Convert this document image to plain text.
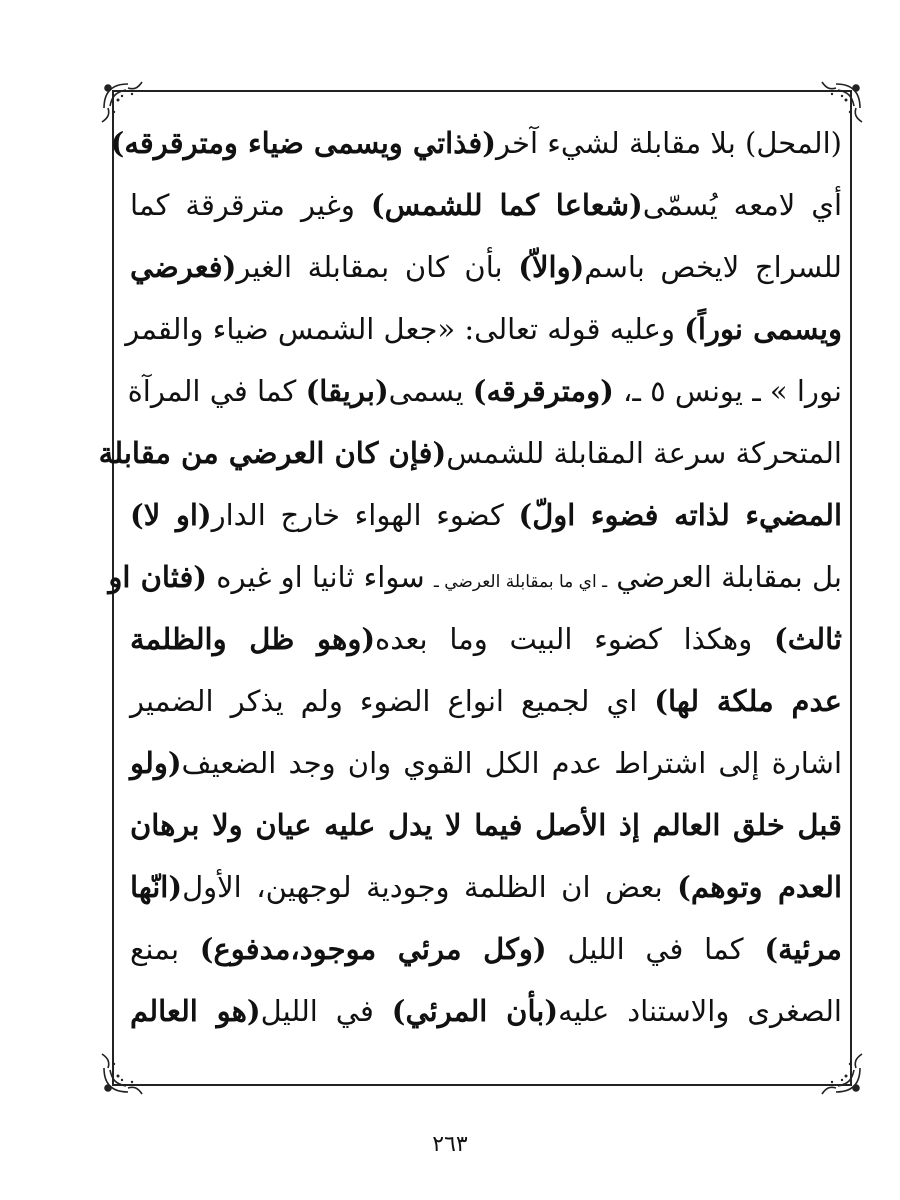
(المحل) بلا مقابلة لشيء آخر(فذاتي ويسمى ضياء ومترقرقه)
أي لامعه يُسمّى(شعاعا كما للشمس) وغير مترقرقة كما
للسراج لايخص باسم(والاّ) بأن كان بمقابلة الغير(فعرضي
ويسمى نوراً) وعليه قوله تعالى: «جعل الشمس ضياء والقمر
نورا » ـ يونس ٥ ـ، (ومترقرقه) يسمى(بريقا) كما في المرآة
المتحركة سرعة المقابلة للشمس(فإن كان العرضي من مقابلة
المضيء لذاته فضوء اولّ) كضوء الهواء خارج الدار(او لا)
بل بمقابلة العرضي ـ اي ما بمقابلة العرضي ـ سواء ثانيا او غيره (فثان او
ثالث) وهكذا كضوء البيت وما بعده(وهو ظل والظلمة
عدم ملكة لها) اي لجميع انواع الضوء ولم يذكر الضمير
اشارة إلى اشتراط عدم الكل القوي وان وجد الضعيف(ولو
قبل خلق العالم إذ الأصل فيما لا يدل عليه عيان ولا برهان
العدم وتوهم) بعض ان الظلمة وجودية لوجهين، الأول(انّها
مرئية) كما في الليل (وكل مرئي موجود،مدفوع) بمنع
الصغرى والاستناد عليه(بأن المرئي) في الليل(هو العالم
٢٦٣
